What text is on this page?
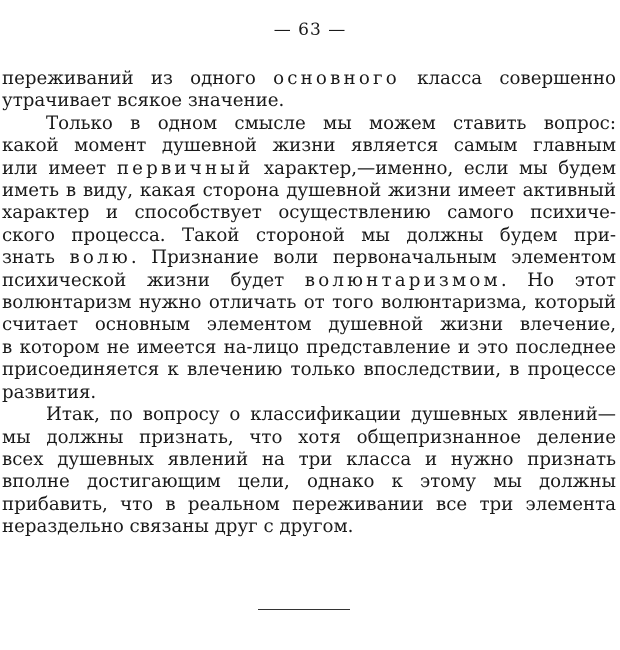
— 63 —
переживаний из одного основного класса совершенно
утрачивает всякое значение.
Только в одном смысле мы можем ставить вопрос:
какой момент душевной жизни является самым главным
или имеет первичный характер,—именно, если мы будем
иметь в виду, какая сторона душевной жизни имеет активный
характер и способствует осуществлению самого психиче-
ского процесса. Такой стороной мы должны будем при-
знать волю. Признание воли первоначальным элементом
психической жизни будет волюнтаризмом. Но этот
волюнтаризм нужно отличать от того волюнтаризма, который
считает основным элементом душевной жизни влечение,
в котором не имеется на-лицо представление и это последнее
присоединяется к влечению только впоследствии, в процессе
развития.
Итак, по вопросу о классификации душевных явлений—
мы должны признать, что хотя общепризнанное деление
всех душевных явлений на три класса и нужно признать
вполне достигающим цели, однако к этому мы должны
прибавить, что в реальном переживании все три элемента
нераздельно связаны друг с другом.
